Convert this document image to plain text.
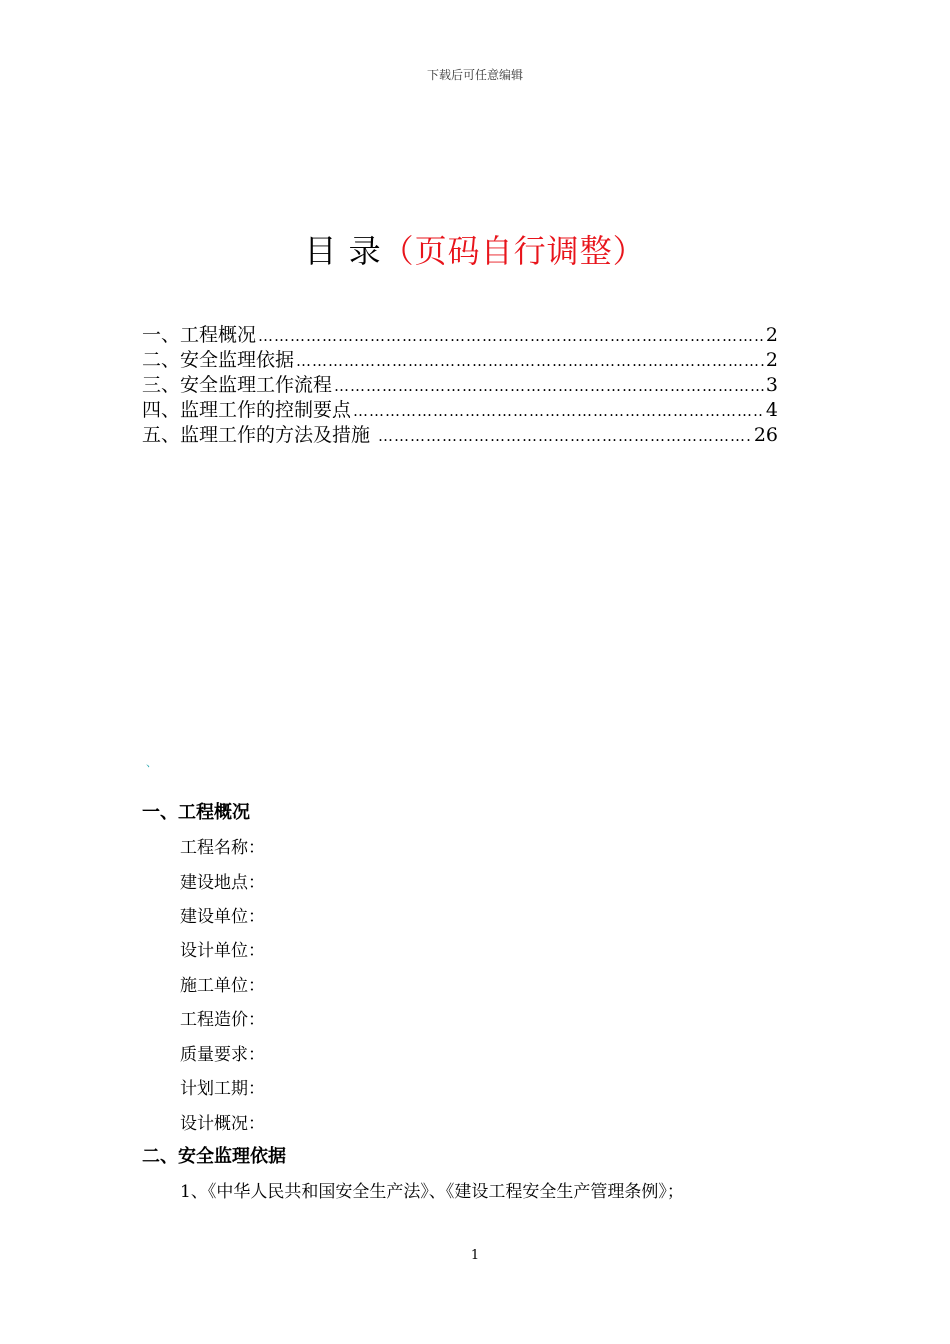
下载后可任意编辑
目 录（页码自行调整）
一、工程概况 ……………………………………………………………………………………………………………………………………………………	2
二、安全监理依据 ……………………………………………………………………………………………………………………………………………………	2
三、安全监理工作流程 ……………………………………………………………………………………………………………………………………………………	3
四、监理工作的控制要点 ……………………………………………………………………………………………………………………………………………………	4
五、监理工作的方法及措施 ……………………………………………………………………………………………………………………………………………………	26
、
一、工程概况
工程名称：
建设地点：
建设单位：
设计单位：
施工单位：
工程造价：
质量要求：
计划工期：
设计概况：
二、安全监理依据
1、《中华人民共和国安全生产法》、《建设工程安全生产管理条例》；
1
